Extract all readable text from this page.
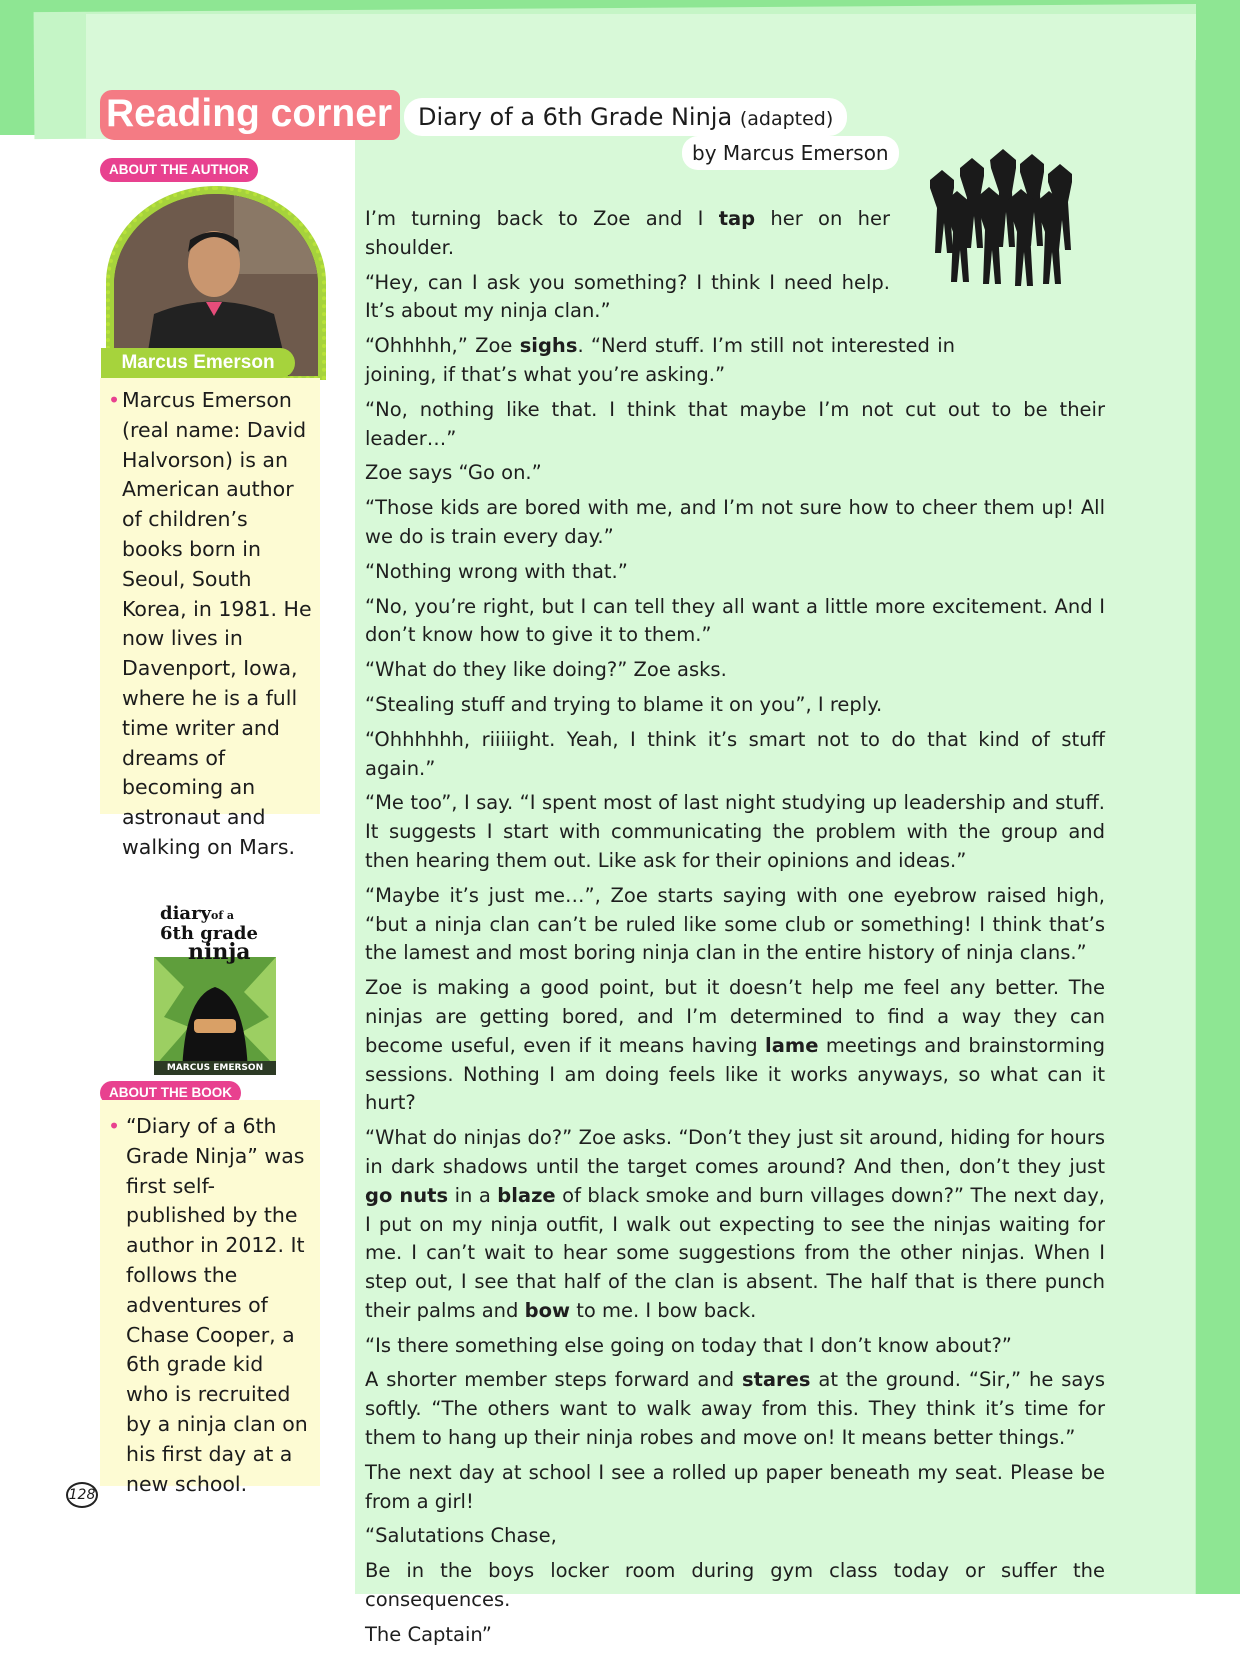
Reading corner	Diary of a 6th Grade Ninja (adapted)
by Marcus Emerson
ABOUT THE AUTHOR
Marcus Emerson

• Marcus Emerson (real name: David Halvorson) is an American author of children’s books born in Seoul, South Korea, in 1981. He now lives in Davenport, Iowa, where he is a full time writer and dreams of becoming an astronaut and walking on Mars.

diaryof a
6th grade
ninja
MARCUS EMERSON
ABOUT THE BOOK

• “Diary of a 6th Grade Ninja” was first self-published by the author in 2012. It follows the adventures of Chase Cooper, a 6th grade kid who is recruited by a ninja clan on his first day at a new school.

128

I’m turning back to Zoe and I tap her on her shoulder.

“Hey, can I ask you something? I think I need help. It’s about my ninja clan.”

“Ohhhhh,” Zoe sighs. “Nerd stuff. I’m still not interested in joining, if that’s what you’re asking.”

“No, nothing like that. I think that maybe I’m not cut out to be their leader…”

Zoe says “Go on.”

“Those kids are bored with me, and I’m not sure how to cheer them up! All we do is train every day.”

“Nothing wrong with that.”

“No, you’re right, but I can tell they all want a little more excitement. And I don’t know how to give it to them.”

“What do they like doing?” Zoe asks.

“Stealing stuff and trying to blame it on you”, I reply.

“Ohhhhhh, riiiiight. Yeah, I think it’s smart not to do that kind of stuff again.”

“Me too”, I say. “I spent most of last night studying up leadership and stuff. It suggests I start with communicating the problem with the group and then hearing them out. Like ask for their opinions and ideas.”

“Maybe it’s just me…”, Zoe starts saying with one eyebrow raised high, “but a ninja clan can’t be ruled like some club or something! I think that’s the lamest and most boring ninja clan in the entire history of ninja clans.”

Zoe is making a good point, but it doesn’t help me feel any better. The ninjas are getting bored, and I’m determined to find a way they can become useful, even if it means having lame meetings and brainstorming sessions. Nothing I am doing feels like it works anyways, so what can it hurt?

“What do ninjas do?” Zoe asks. “Don’t they just sit around, hiding for hours in dark shadows until the target comes around? And then, don’t they just go nuts in a blaze of black smoke and burn villages down?” The next day, I put on my ninja outfit, I walk out expecting to see the ninjas waiting for me. I can’t wait to hear some suggestions from the other ninjas. When I step out, I see that half of the clan is absent. The half that is there punch their palms and bow to me. I bow back.

“Is there something else going on today that I don’t know about?”

A shorter member steps forward and stares at the ground. “Sir,” he says softly. “The others want to walk away from this. They think it’s time for them to hang up their ninja robes and move on! It means better things.”

The next day at school I see a rolled up paper beneath my seat. Please be from a girl!

“Salutations Chase,

Be in the boys locker room during gym class today or suffer the consequences.

The Captain”
